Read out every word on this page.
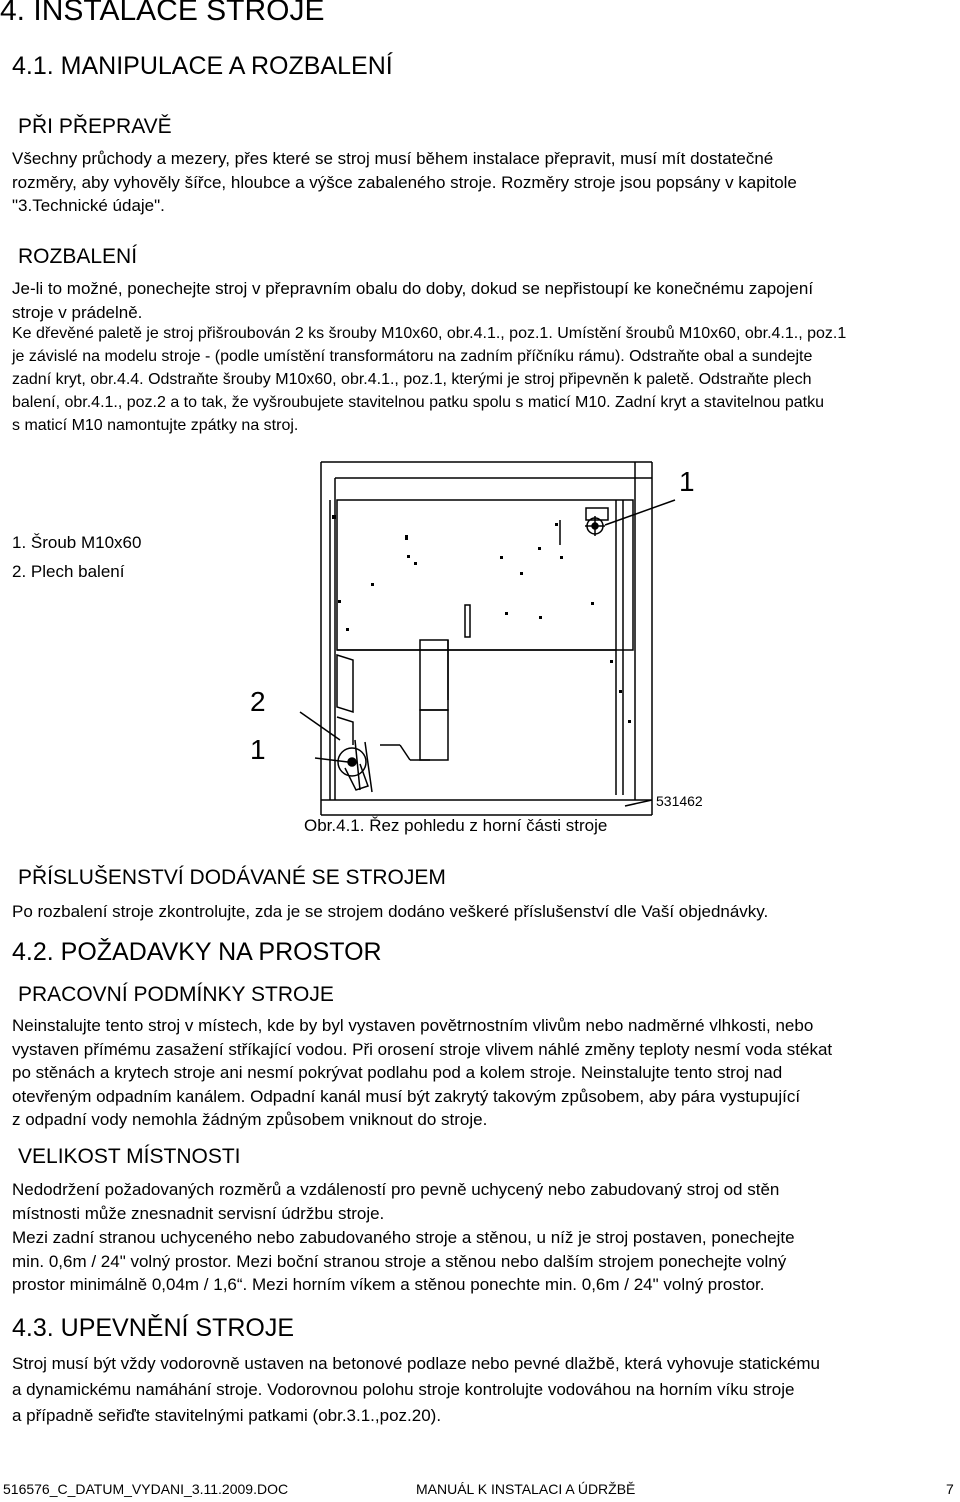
4. INSTALACE STROJE
4.1. MANIPULACE A ROZBALENÍ
PŘI PŘEPRAVĚ
Všechny průchody a mezery, přes které se stroj musí během instalace přepravit, musí mít dostatečné
rozměry, aby vyhověly šířce, hloubce a výšce zabaleného stroje. Rozměry stroje jsou popsány v kapitole
"3.Technické údaje".
ROZBALENÍ
Je-li to možné, ponechejte stroj v přepravním obalu do doby, dokud se nepřistoupí ke konečnému zapojení
stroje v prádelně.
Ke dřevěné paletě je stroj přišroubován 2 ks šrouby M10x60, obr.4.1., poz.1. Umístění šroubů M10x60, obr.4.1., poz.1
je závislé na modelu stroje - (podle umístění transformátoru na zadním příčníku rámu). Odstraňte obal a sundejte
zadní kryt, obr.4.4. Odstraňte šrouby M10x60, obr.4.1., poz.1, kterými je stroj připevněn k paletě. Odstraňte plech
balení, obr.4.1., poz.2 a to tak, že vyšroubujete stavitelnou patku spolu s maticí M10. Zadní kryt a stavitelnou patku
s maticí M10 namontujte zpátky na stroj.
1. Šroub M10x60
2. Plech balení
1
2
1
531462
Obr.4.1. Řez pohledu z horní části stroje
PŘÍSLUŠENSTVÍ DODÁVANÉ SE STROJEM
Po rozbalení stroje zkontrolujte, zda je se strojem dodáno veškeré příslušenství dle Vaší objednávky.
4.2. POŽADAVKY NA PROSTOR
PRACOVNÍ PODMÍNKY STROJE
Neinstalujte tento stroj v místech, kde by byl vystaven povětrnostním vlivům nebo nadměrné vlhkosti, nebo
vystaven přímému zasažení stříkající vodou. Při orosení stroje vlivem náhlé změny teploty nesmí voda stékat
po stěnách a krytech stroje ani nesmí pokrývat podlahu pod a kolem stroje. Neinstalujte tento stroj nad
otevřeným odpadním kanálem. Odpadní kanál musí být zakrytý takovým způsobem, aby pára vystupující
z odpadní vody nemohla žádným způsobem vniknout do stroje.
VELIKOST MÍSTNOSTI
Nedodržení požadovaných rozměrů a vzdáleností pro pevně uchycený nebo zabudovaný stroj od stěn
místnosti může znesnadnit servisní údržbu stroje.
Mezi zadní stranou uchyceného nebo zabudovaného stroje a stěnou, u níž je stroj postaven, ponechejte
min. 0,6m / 24" volný prostor. Mezi boční stranou stroje a stěnou nebo dalším strojem ponechejte volný
prostor minimálně 0,04m / 1,6“. Mezi horním víkem a stěnou ponechte min. 0,6m / 24" volný prostor.
4.3. UPEVNĚNÍ STROJE
Stroj musí být vždy vodorovně ustaven na betonové podlaze nebo pevné dlažbě, která vyhovuje statickému
a dynamickému namáhání stroje. Vodorovnou polohu stroje kontrolujte vodováhou na horním víku stroje
a případně seřiďte stavitelnými patkami (obr.3.1.,poz.20).
516576_C_DATUM_VYDANI_3.11.2009.DOC	MANUÁL K INSTALACI A ÚDRŽBĚ	7
